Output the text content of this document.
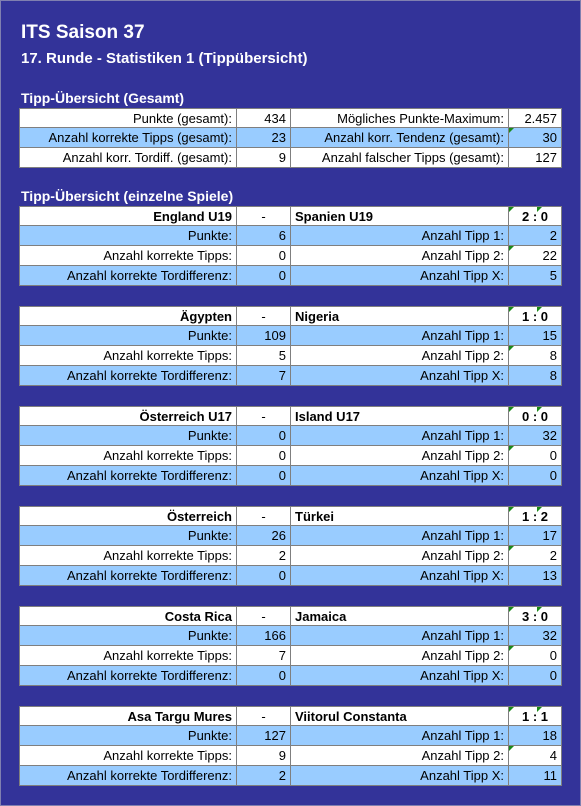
ITS Saison 37
17. Runde - Statistiken 1 (Tippübersicht)
Tipp-Übersicht (Gesamt)
Punkte (gesamt):	434	Mögliches Punkte-Maximum:	2.457
Anzahl korrekte Tipps (gesamt):	23	Anzahl korr. Tendenz (gesamt):	30
Anzahl korr. Tordiff. (gesamt):	9	Anzahl falscher Tipps (gesamt):	127
Tipp-Übersicht (einzelne Spiele)
England U19	-	Spanien U19	2 : 0
Punkte:	6	Anzahl Tipp 1:	2
Anzahl korrekte Tipps:	0	Anzahl Tipp 2:	22
Anzahl korrekte Tordifferenz:	0	Anzahl Tipp X:	5
Ägypten	-	Nigeria	1 : 0
Punkte:	109	Anzahl Tipp 1:	15
Anzahl korrekte Tipps:	5	Anzahl Tipp 2:	8
Anzahl korrekte Tordifferenz:	7	Anzahl Tipp X:	8
Österreich U17	-	Island U17	0 : 0
Punkte:	0	Anzahl Tipp 1:	32
Anzahl korrekte Tipps:	0	Anzahl Tipp 2:	0
Anzahl korrekte Tordifferenz:	0	Anzahl Tipp X:	0
Österreich	-	Türkei	1 : 2
Punkte:	26	Anzahl Tipp 1:	17
Anzahl korrekte Tipps:	2	Anzahl Tipp 2:	2
Anzahl korrekte Tordifferenz:	0	Anzahl Tipp X:	13
Costa Rica	-	Jamaica	3 : 0
Punkte:	166	Anzahl Tipp 1:	32
Anzahl korrekte Tipps:	7	Anzahl Tipp 2:	0
Anzahl korrekte Tordifferenz:	0	Anzahl Tipp X:	0
Asa Targu Mures	-	Viitorul Constanta	1 : 1
Punkte:	127	Anzahl Tipp 1:	18
Anzahl korrekte Tipps:	9	Anzahl Tipp 2:	4
Anzahl korrekte Tordifferenz:	2	Anzahl Tipp X:	11
